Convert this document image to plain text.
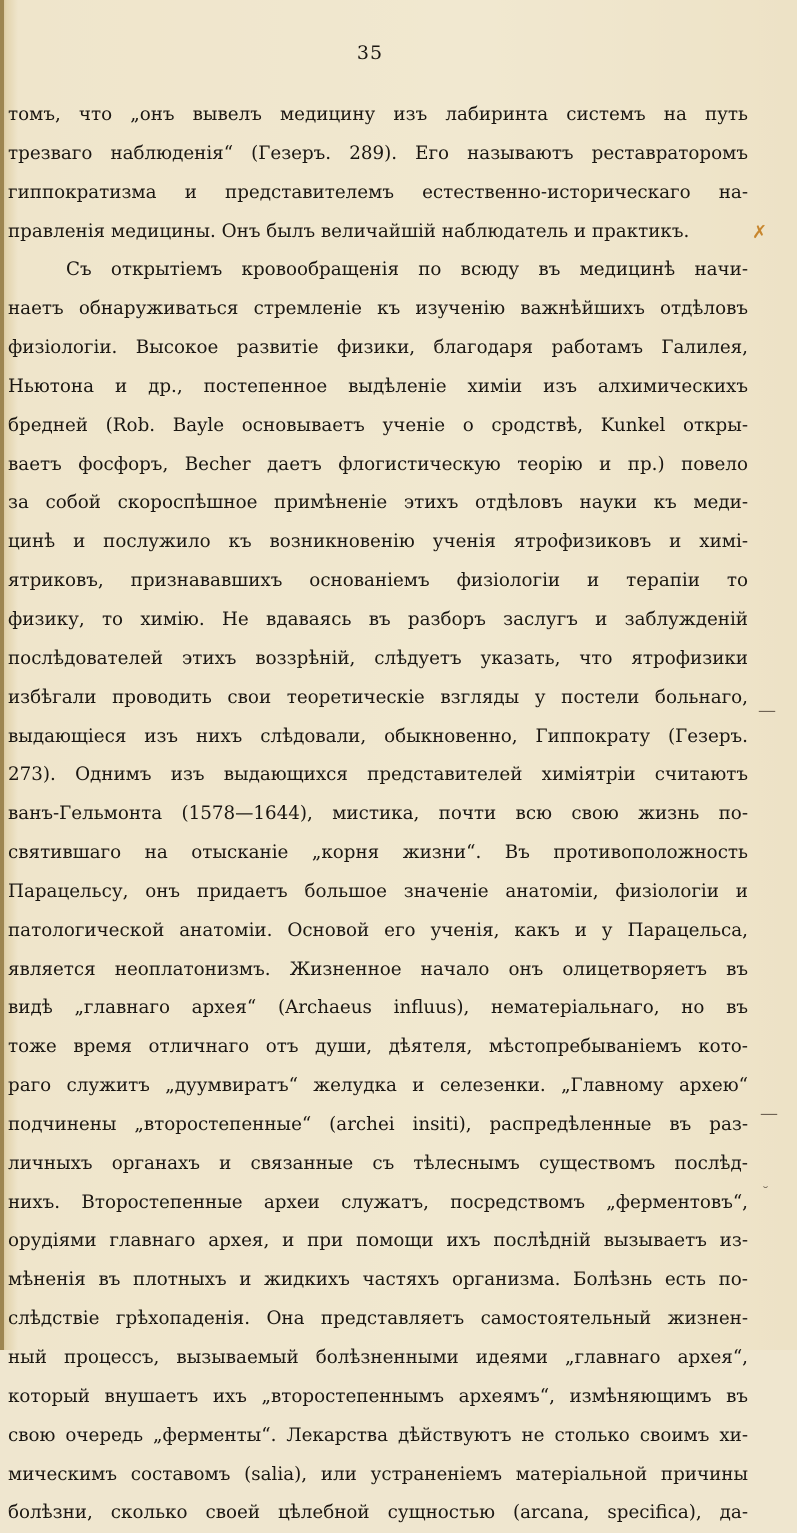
35
томъ, что „онъ вывелъ медицину изъ лабиринта системъ на путь
трезваго наблюденія“ (Гезеръ. 289). Его называютъ реставраторомъ
гиппократизма и представителемъ естественно-историческаго на-
правленія медицины. Онъ былъ величайшій наблюдатель и практикъ.
Съ открытіемъ кровообращенія по всюду въ медицинѣ начи-
наетъ обнаруживаться стремленіе къ изученію важнѣйшихъ отдѣловъ
физіологіи. Высокое развитіе физики, благодаря работамъ Галилея,
Ньютона и др., постепенное выдѣленіе химіи изъ алхимическихъ
бредней (Rob. Bayle основываетъ ученіе о сродствѣ, Kunkel откры-
ваетъ фосфоръ, Becher даетъ флогистическую теорію и пр.) повело
за собой скороспѣшное примѣненіе этихъ отдѣловъ науки къ меди-
цинѣ и послужило къ возникновенію ученія ятрофизиковъ и химі-
ятриковъ, признававшихъ основаніемъ физіологіи и терапіи то
физику, то химію. Не вдаваясь въ разборъ заслугъ и заблужденій
послѣдователей этихъ воззрѣній, слѣдуетъ указать, что ятрофизики
избѣгали проводить свои теоретическіе взгляды у постели больнаго,
выдающіеся изъ нихъ слѣдовали, обыкновенно, Гиппократу (Гезеръ.
273). Однимъ изъ выдающихся представителей химіятріи считаютъ
ванъ-Гельмонта (1578—1644), мистика, почти всю свою жизнь по-
святившаго на отысканіе „корня жизни“. Въ противоположность
Парацельсу, онъ придаетъ большое значеніе анатоміи, физіологіи и
патологической анатоміи. Основой его ученія, какъ и у Парацельса,
является неоплатонизмъ. Жизненное начало онъ олицетворяетъ въ
видѣ „главнаго архея“ (Archaeus influus), нематеріальнаго, но въ
тоже время отличнаго отъ души, дѣятеля, мѣстопребываніемъ кото-
раго служитъ „дуумвиратъ“ желудка и селезенки. „Главному архею“
подчинены „второстепенные“ (archei insiti), распредѣленные въ раз-
личныхъ органахъ и связанные съ тѣлеснымъ существомъ послѣд-
нихъ. Второстепенные археи служатъ, посредствомъ „ферментовъ“,
орудіями главнаго архея, и при помощи ихъ послѣдній вызываетъ из-
мѣненія въ плотныхъ и жидкихъ частяхъ организма. Болѣзнь есть по-
слѣдствіе грѣхопаденія. Она представляетъ самостоятельный жизнен-
ный процессъ, вызываемый болѣзненными идеями „главнаго архея“,
который внушаетъ ихъ „второстепеннымъ археямъ“, измѣняющимъ въ
свою очередь „ферменты“. Лекарства дѣйствуютъ не столько своимъ хи-
мическимъ составомъ (salia), или устраненіемъ матеріальной причины
болѣзни, сколько своей цѣлебной сущностью (arcana, specifica), да-
✗
—
—
˘
